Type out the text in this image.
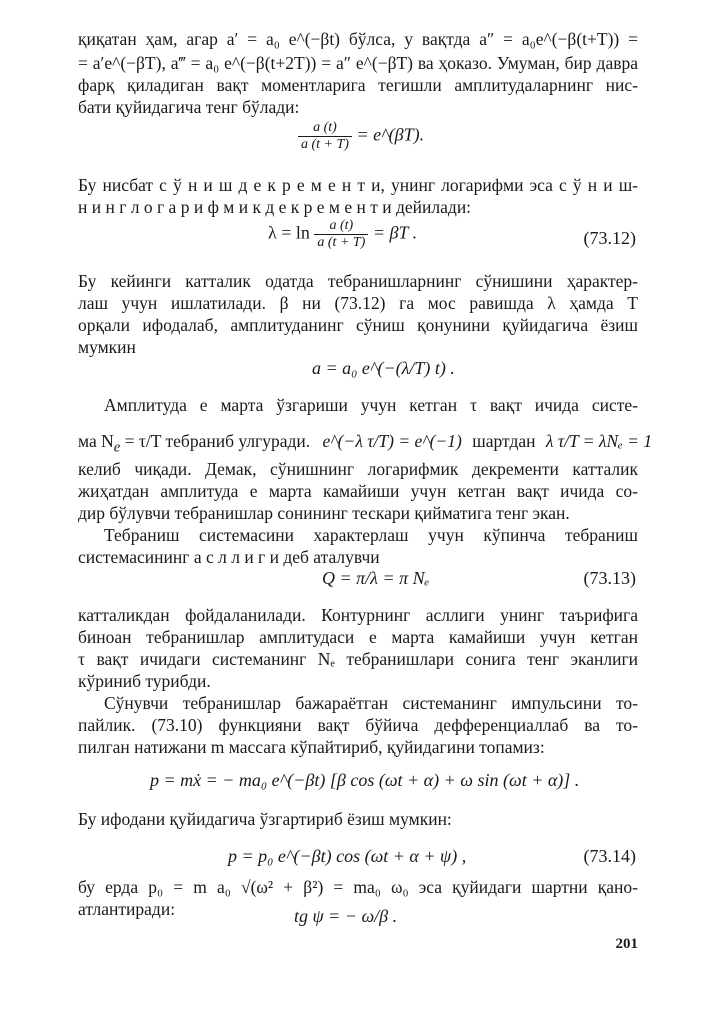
қиқатан ҳам, агар a′ = a₀ e^(−βt) бўлса, у вақтда a″ = a₀e^(−β(t+T)) =
= a′e^(−βT), a‴ = a₀ e^(−β(t+2T)) = a″ e^(−βT) ва ҳоказо. Умуман, бир давра
фарқ қиладиган вақт моментларига тегишли амплитудаларнинг нис-
бати қуйидагича тенг бўлади:
$\frac{a (t)}{a (t + T)}$ = e^(βT).
Бу нисбат с ў н и ш д е к р е м е н т и, унинг логарифми эса с ў н и ш-
н и н г л о г а р и ф м и к д е к р е м е н т и дейилади:
$\lambda = \ln \frac{a (t)}{a (t + T)} = \beta T$ .	(73.12)
Бу кейинги катталик одатда тебранишларнинг сўнишини ҳарактер-
лаш учун ишлатилади. β ни (73.12) га мос равишда λ ҳамда T
орқали ифодалаб, амплитуданинг сўниш қонунини қуйидагича ёзиш
мумкин
a = a₀ e^(−(λ/T) t) .
Амплитуда e марта ўзгариши учун кетган τ вақт ичида систе-
ма $N_e = \tau/T$ тебраниб улгуради. e^(−λ τ/T) = e^(−1) шартдан λ τ/T = λNₑ = 1
келиб чиқади. Демак, сўнишнинг логарифмик декременти катталик
жиҳатдан амплитуда e марта камайиши учун кетган вақт ичида со-
дир бўлувчи тебранишлар сонининг тескари қийматига тенг экан.
Тебраниш системасини характерлаш учун кўпинча тебраниш
системасининг а с л л и г и деб аталувчи
Q = π/λ = π Nₑ	(73.13)
катталикдан фойдаланилади. Контурнинг асллиги унинг таърифига
биноан тебранишлар амплитудаси e марта камайиши учун кетган
τ вақт ичидаги системанинг Nₑ тебранишлари сонига тенг эканлиги
кўриниб турибди.
Сўнувчи тебранишлар бажараётган системанинг импульсини то-
пайлик. (73.10) функцияни вақт бўйича деффеpенциаллаб ва то-
пилган натижани m массага кўпайтириб, қуйидагини топамиз:
p = mẋ = − ma₀ e^(−βt) [β cos (ωt + α) + ω sin (ωt + α)] .
Бу ифодани қуйидагича ўзгартириб ёзиш мумкин:
p = p₀ e^(−βt) cos (ωt + α + ψ) ,	(73.14)
бу ерда p₀ = m a₀ √(ω² + β²) = ma₀ ω₀ эса қуйидаги шартни қано-
атлантиради:	tg ψ = − ω/β .
201
